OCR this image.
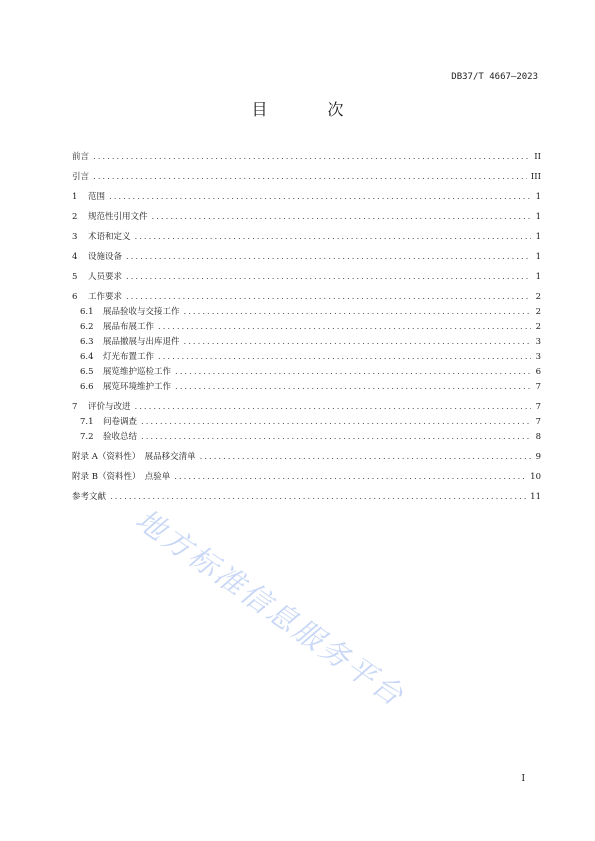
DB37/T 4667—2023
目　次
前言 .....	II
引言 .....	III
1	范围 .....	1
2	规范性引用文件 .....	1
3	术语和定义 .....	1
4	设施设备 .....	1
5	人员要求 .....	1
6	工作要求 .....	2
6.1	展品验收与交接工作 .....	2
6.2	展品布展工作 .....	2
6.3	展品撤展与出库退件 .....	3
6.4	灯光布置工作 .....	3
6.5	展览维护巡检工作 .....	6
6.6	展览环境维护工作 .....	7
7	评价与改进 .....	7
7.1	问卷调查 .....	7
7.2	验收总结 .....	8
附录 A（资料性）　展品移交清单 .....	9
附录 B（资料性）　点验单 .....	10
参考文献 .....	11
地方标准信息服务平台
I
